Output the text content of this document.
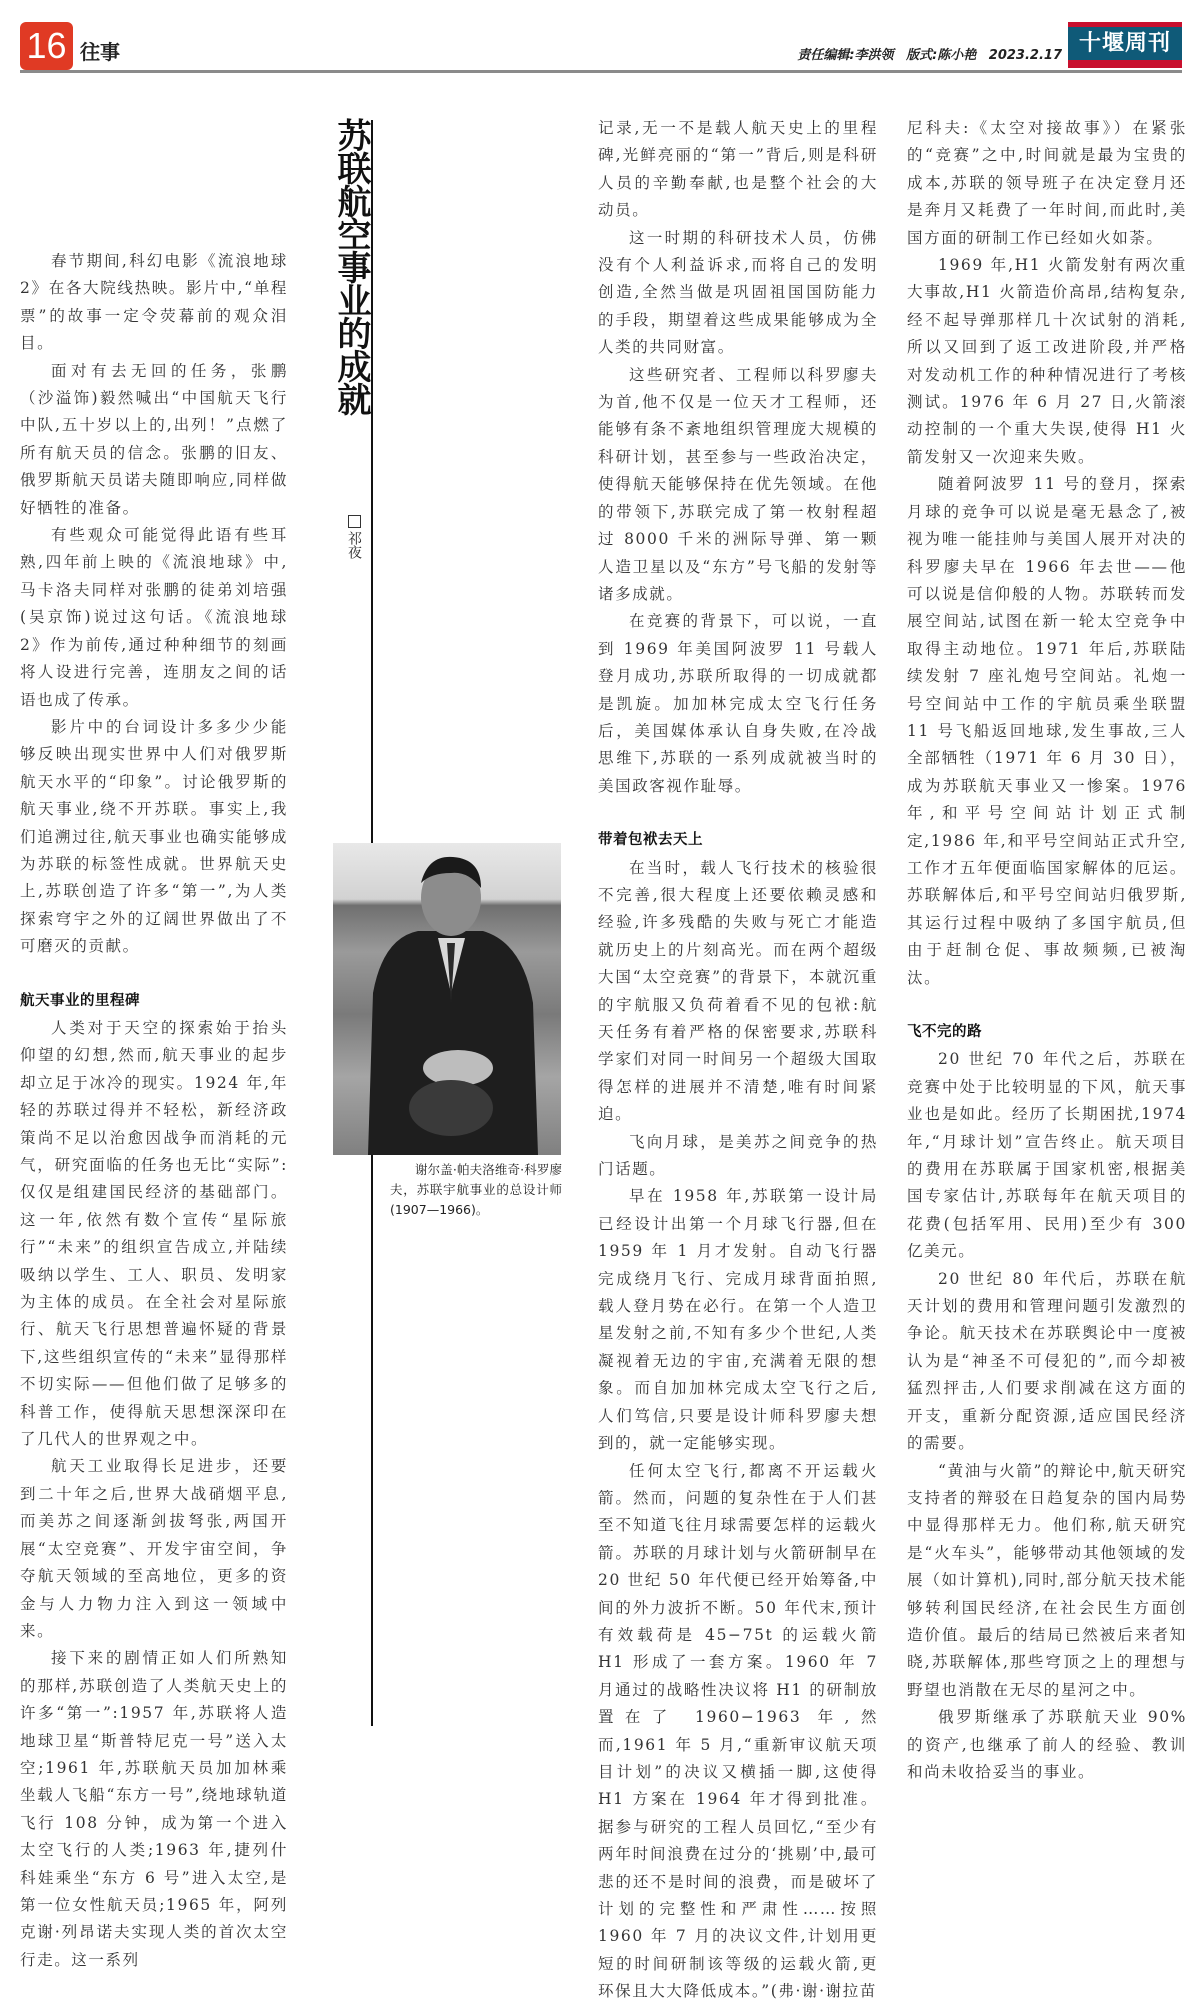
16 往事	责任编辑:李洪领 版式:陈小艳 2023.2.17 十堰周刊
苏联航空事业的成就
祁夜
谢尔盖·帕夫洛维奇·科罗廖夫，苏联宇航事业的总设计师(1907—1966)。

春节期间,科幻电影《流浪地球 2》在各大院线热映。影片中,“单程票”的故事一定令荧幕前的观众泪目。

面对有去无回的任务，张鹏（沙溢饰)毅然喊出“中国航天飞行中队,五十岁以上的,出列！”点燃了所有航天员的信念。张鹏的旧友、俄罗斯航天员诺夫随即响应,同样做好牺牲的准备。

有些观众可能觉得此语有些耳熟,四年前上映的《流浪地球》中,马卡洛夫同样对张鹏的徒弟刘培强(吴京饰)说过这句话。《流浪地球 2》作为前传,通过种种细节的刻画将人设进行完善，连朋友之间的话语也成了传承。

影片中的台词设计多多少少能够反映出现实世界中人们对俄罗斯航天水平的“印象”。讨论俄罗斯的航天事业,绕不开苏联。事实上,我们追溯过往,航天事业也确实能够成为苏联的标签性成就。世界航天史上,苏联创造了许多“第一”,为人类探索穹宇之外的辽阔世界做出了不可磨灭的贡献。

航天事业的里程碑

人类对于天空的探索始于抬头仰望的幻想,然而,航天事业的起步却立足于冰冷的现实。1924 年,年轻的苏联过得并不轻松，新经济政策尚不足以治愈因战争而消耗的元气，研究面临的任务也无比“实际”:仅仅是组建国民经济的基础部门。这一年,依然有数个宣传“星际旅行”“未来”的组织宣告成立,并陆续吸纳以学生、工人、职员、发明家为主体的成员。在全社会对星际旅行、航天飞行思想普遍怀疑的背景下,这些组织宣传的“未来”显得那样不切实际——但他们做了足够多的科普工作，使得航天思想深深印在了几代人的世界观之中。

航天工业取得长足进步，还要到二十年之后,世界大战硝烟平息,而美苏之间逐渐剑拔弩张,两国开展“太空竞赛”、开发宇宙空间，争夺航天领域的至高地位，更多的资金与人力物力注入到这一领域中来。

接下来的剧情正如人们所熟知的那样,苏联创造了人类航天史上的许多“第一”:1957 年,苏联将人造地球卫星“斯普特尼克一号”送入太空;1961 年,苏联航天员加加林乘坐载人飞船“东方一号”,绕地球轨道飞行 108 分钟，成为第一个进入太空飞行的人类;1963 年,捷列什科娃乘坐“东方 6 号”进入太空,是第一位女性航天员;1965 年，阿列克谢·列昂诺夫实现人类的首次太空行走。这一系列

记录,无一不是载人航天史上的里程碑,光鲜亮丽的“第一”背后,则是科研人员的辛勤奉献,也是整个社会的大动员。

这一时期的科研技术人员，仿佛没有个人利益诉求,而将自己的发明创造,全然当做是巩固祖国国防能力的手段，期望着这些成果能够成为全人类的共同财富。

这些研究者、工程师以科罗廖夫为首,他不仅是一位天才工程师，还能够有条不紊地组织管理庞大规模的科研计划，甚至参与一些政治决定，使得航天能够保持在优先领域。在他的带领下,苏联完成了第一枚射程超过 8000 千米的洲际导弹、第一颗人造卫星以及“东方”号飞船的发射等诸多成就。

在竞赛的背景下，可以说，一直到 1969 年美国阿波罗 11 号载人登月成功,苏联所取得的一切成就都是凯旋。加加林完成太空飞行任务后，美国媒体承认自身失败,在冷战思维下,苏联的一系列成就被当时的美国政客视作耻辱。

带着包袱去天上

在当时，载人飞行技术的核验很不完善,很大程度上还要依赖灵感和经验,许多残酷的失败与死亡才能造就历史上的片刻高光。而在两个超级大国“太空竞赛”的背景下，本就沉重的宇航服又负荷着看不见的包袱:航天任务有着严格的保密要求,苏联科学家们对同一时间另一个超级大国取得怎样的进展并不清楚,唯有时间紧迫。

飞向月球，是美苏之间竞争的热门话题。

早在 1958 年,苏联第一设计局已经设计出第一个月球飞行器,但在 1959 年 1 月才发射。自动飞行器完成绕月飞行、完成月球背面拍照,载人登月势在必行。在第一个人造卫星发射之前,不知有多少个世纪,人类凝视着无边的宇宙,充满着无限的想象。而自加加林完成太空飞行之后,人们笃信,只要是设计师科罗廖夫想到的，就一定能够实现。

任何太空飞行,都离不开运载火箭。然而，问题的复杂性在于人们甚至不知道飞往月球需要怎样的运载火箭。苏联的月球计划与火箭研制早在 20 世纪 50 年代便已经开始筹备,中间的外力波折不断。50 年代末,预计有效载荷是 45−75t 的运载火箭 H1 形成了一套方案。1960 年 7 月通过的战略性决议将 H1 的研制放置在了 1960−1963 年,然而,1961 年 5 月,“重新审议航天项目计划”的决议又横插一脚,这使得 H1 方案在 1964 年才得到批准。据参与研究的工程人员回忆,“至少有两年时间浪费在过分的‘挑剔’中,最可悲的还不是时间的浪费，而是破坏了计划的完整性和严肃性……按照 1960 年 7 月的决议文件,计划用更短的时间研制该等级的运载火箭,更环保且大大降低成本。”(弗·谢·谢拉苗

尼科夫:《太空对接故事》）在紧张的“竞赛”之中,时间就是最为宝贵的成本,苏联的领导班子在决定登月还是奔月又耗费了一年时间,而此时,美国方面的研制工作已经如火如荼。

1969 年,H1 火箭发射有两次重大事故,H1 火箭造价高昂,结构复杂,经不起导弹那样几十次试射的消耗,所以又回到了返工改进阶段,并严格对发动机工作的种种情况进行了考核测试。1976 年 6 月 27 日,火箭滚动控制的一个重大失误,使得 H1 火箭发射又一次迎来失败。

随着阿波罗 11 号的登月，探索月球的竞争可以说是毫无悬念了,被视为唯一能挂帅与美国人展开对决的科罗廖夫早在 1966 年去世——他可以说是信仰般的人物。苏联转而发展空间站,试图在新一轮太空竞争中取得主动地位。1971 年后,苏联陆续发射 7 座礼炮号空间站。礼炮一号空间站中工作的宇航员乘坐联盟 11 号飞船返回地球,发生事故,三人全部牺牲（1971 年 6 月 30 日），成为苏联航天事业又一惨案。1976 年,和平号空间站计划正式制定,1986 年,和平号空间站正式升空,工作才五年便面临国家解体的厄运。苏联解体后,和平号空间站归俄罗斯,其运行过程中吸纳了多国宇航员,但由于赶制仓促、事故频频,已被淘汰。

飞不完的路

20 世纪 70 年代之后，苏联在竞赛中处于比较明显的下风，航天事业也是如此。经历了长期困扰,1974 年,“月球计划”宣告终止。航天项目的费用在苏联属于国家机密,根据美国专家估计,苏联每年在航天项目的花费(包括军用、民用)至少有 300 亿美元。

20 世纪 80 年代后，苏联在航天计划的费用和管理问题引发激烈的争论。航天技术在苏联舆论中一度被认为是“神圣不可侵犯的”,而今却被猛烈抨击,人们要求削减在这方面的开支，重新分配资源,适应国民经济的需要。

“黄油与火箭”的辩论中,航天研究支持者的辩驳在日趋复杂的国内局势中显得那样无力。他们称,航天研究是“火车头”，能够带动其他领域的发展（如计算机),同时,部分航天技术能够转利国民经济,在社会民生方面创造价值。最后的结局已然被后来者知晓,苏联解体,那些穹顶之上的理想与野望也消散在无尽的星河之中。

俄罗斯继承了苏联航天业 90%的资产,也继承了前人的经验、教训和尚未收拾妥当的事业。
